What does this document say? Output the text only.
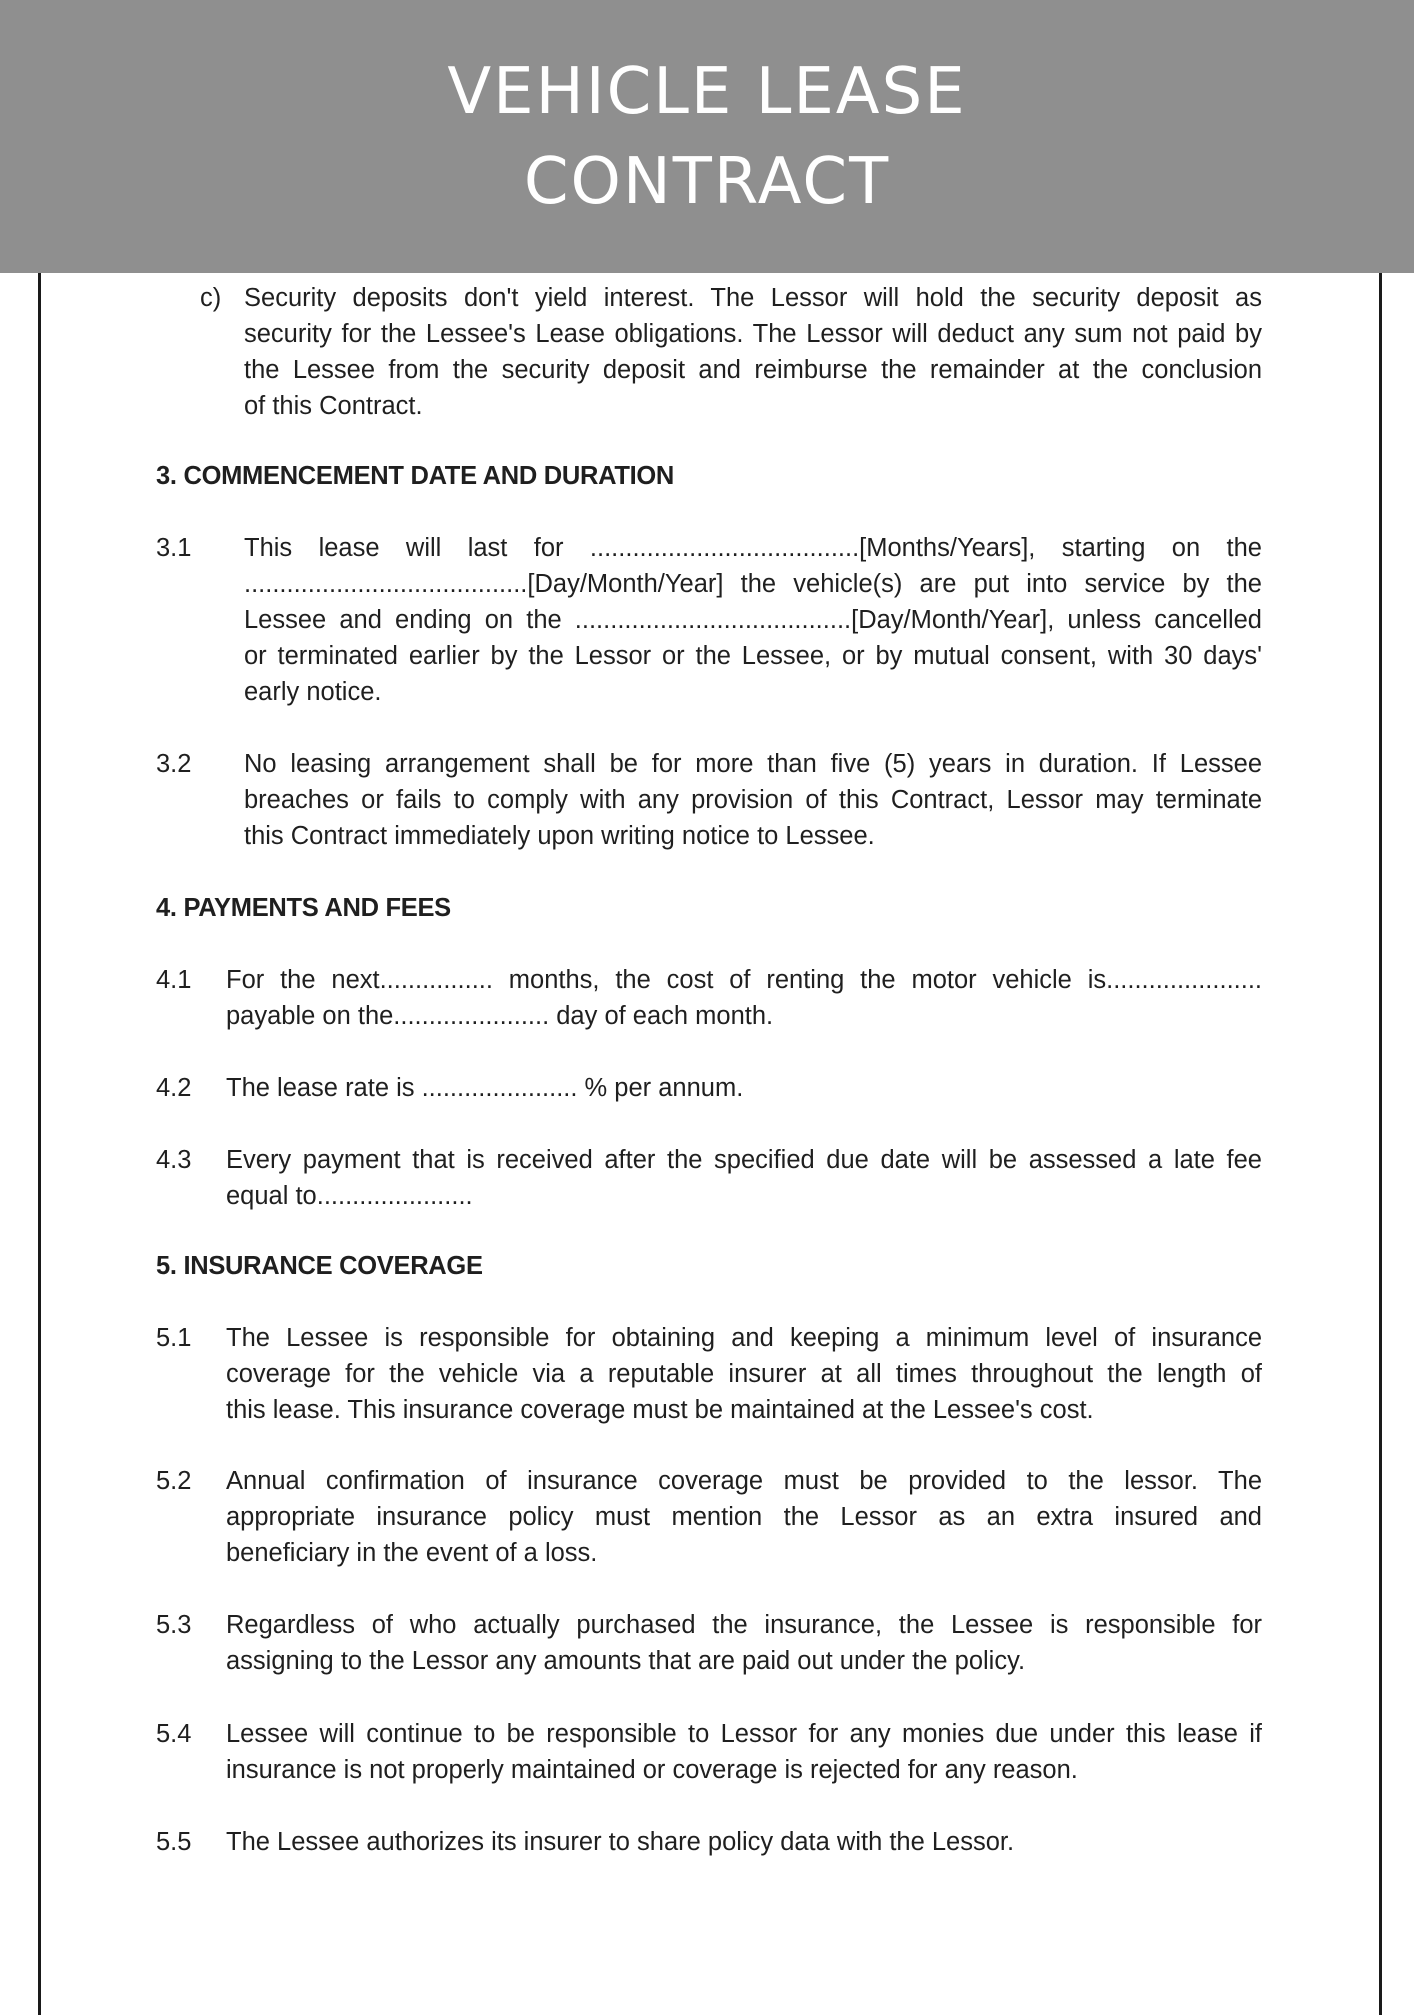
VEHICLE LEASE
CONTRACT
c) Security deposits don't yield interest. The Lessor will hold the security deposit as
security for the Lessee's Lease obligations. The Lessor will deduct any sum not paid by
the Lessee from the security deposit and reimburse the remainder at the conclusion
of this Contract.
3. COMMENCEMENT DATE AND DURATION
3.1 This lease will last for ......................................[Months/Years], starting on the
........................................[Day/Month/Year] the vehicle(s) are put into service by the
Lessee and ending on the .......................................[Day/Month/Year], unless cancelled
or terminated earlier by the Lessor or the Lessee, or by mutual consent, with 30 days'
early notice.
3.2 No leasing arrangement shall be for more than five (5) years in duration. If Lessee
breaches or fails to comply with any provision of this Contract, Lessor may terminate
this Contract immediately upon writing notice to Lessee.
4. PAYMENTS AND FEES
4.1 For the next................ months, the cost of renting the motor vehicle is......................
payable on the...................... day of each month.
4.2 The lease rate is ...................... % per annum.
4.3 Every payment that is received after the specified due date will be assessed a late fee
equal to......................
5. INSURANCE COVERAGE
5.1 The Lessee is responsible for obtaining and keeping a minimum level of insurance
coverage for the vehicle via a reputable insurer at all times throughout the length of
this lease. This insurance coverage must be maintained at the Lessee's cost.
5.2 Annual confirmation of insurance coverage must be provided to the lessor. The
appropriate insurance policy must mention the Lessor as an extra insured and
beneficiary in the event of a loss.
5.3 Regardless of who actually purchased the insurance, the Lessee is responsible for
assigning to the Lessor any amounts that are paid out under the policy.
5.4 Lessee will continue to be responsible to Lessor for any monies due under this lease if
insurance is not properly maintained or coverage is rejected for any reason.
5.5 The Lessee authorizes its insurer to share policy data with the Lessor.
